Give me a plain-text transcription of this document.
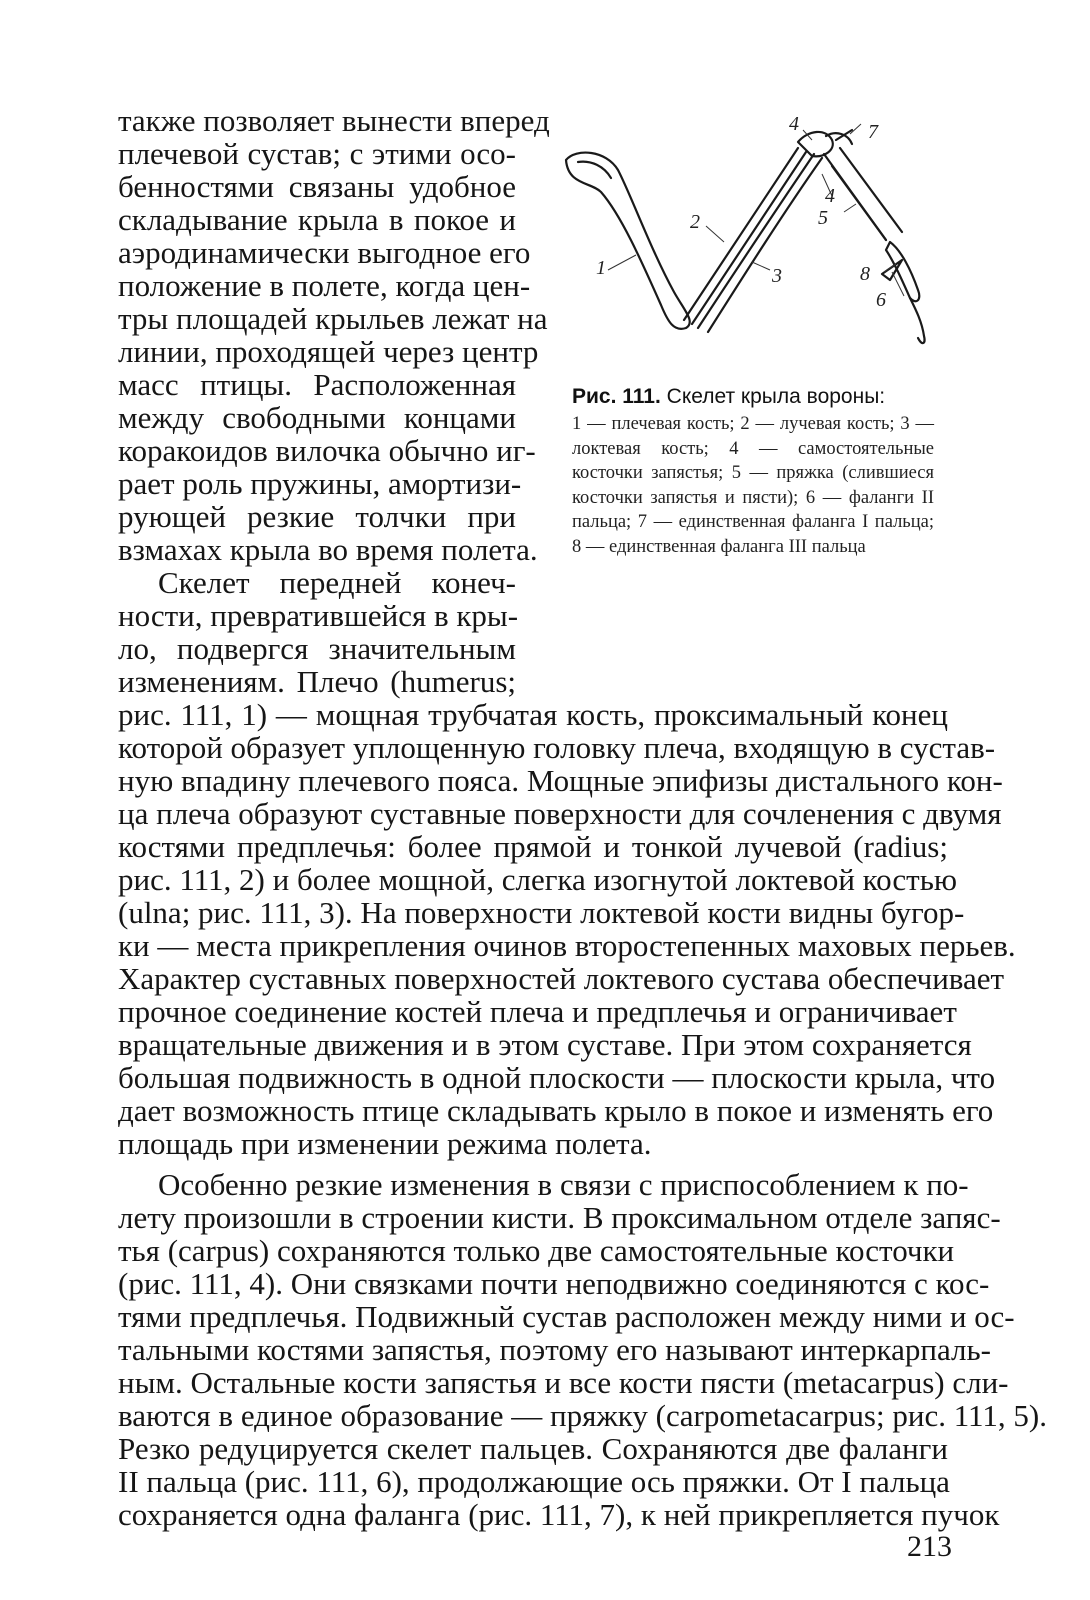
1
2
3
4
4
5
6
7
8
Рис. 111. Скелет крыла вороны:
1 — плечевая кость; 2 — лучевая кость; 3 — локтевая кость; 4 — самостоятельные косточки запястья; 5 — пряжка (слившиеся косточки запястья и пясти); 6 — фаланги II пальца; 7 — единственная фаланга I пальца; 8 — единственная фаланга III пальца
также позволяет вынести вперед
плечевой сустав; с этими осо-
бенностями связаны удобное
складывание крыла в покое и
аэродинамически выгодное его
положение в полете, когда цен-
тры площадей крыльев лежат на
линии, проходящей через центр
масс птицы. Расположенная
между свободными концами
коракоидов вилочка обычно иг-
рает роль пружины, амортизи-
рующей резкие толчки при
взмахах крыла во время полета.
Скелет передней конеч-
ности, превратившейся в кры-
ло, подвергся значительным
изменениям. Плечо (humerus;
рис. 111, 1) — мощная трубчатая кость, проксимальный конец
которой образует уплощенную головку плеча, входящую в сустав-
ную впадину плечевого пояса. Мощные эпифизы дистального кон-
ца плеча образуют суставные поверхности для сочленения с двумя
костями предплечья: более прямой и тонкой лучевой (radius;
рис. 111, 2) и более мощной, слегка изогнутой локтевой костью
(ulna; рис. 111, 3). На поверхности локтевой кости видны бугор-
ки — места прикрепления очинов второстепенных маховых перьев.
Характер суставных поверхностей локтевого сустава обеспечивает
прочное соединение костей плеча и предплечья и ограничивает
вращательные движения и в этом суставе. При этом сохраняется
большая подвижность в одной плоскости — плоскости крыла, что
дает возможность птице складывать крыло в покое и изменять его
площадь при изменении режима полета.
Особенно резкие изменения в связи с приспособлением к по-
лету произошли в строении кисти. В проксимальном отделе запяс-
тья (carpus) сохраняются только две самостоятельные косточки
(рис. 111, 4). Они связками почти неподвижно соединяются с кос-
тями предплечья. Подвижный сустав расположен между ними и ос-
тальными костями запястья, поэтому его называют интеркарпаль-
ным. Остальные кости запястья и все кости пясти (metacarpus) сли-
ваются в единое образование — пряжку (carpometacarpus; рис. 111, 5).
Резко редуцируется скелет пальцев. Сохраняются две фаланги
II пальца (рис. 111, 6), продолжающие ось пряжки. От I пальца
сохраняется одна фаланга (рис. 111, 7), к ней прикрепляется пучок
213
